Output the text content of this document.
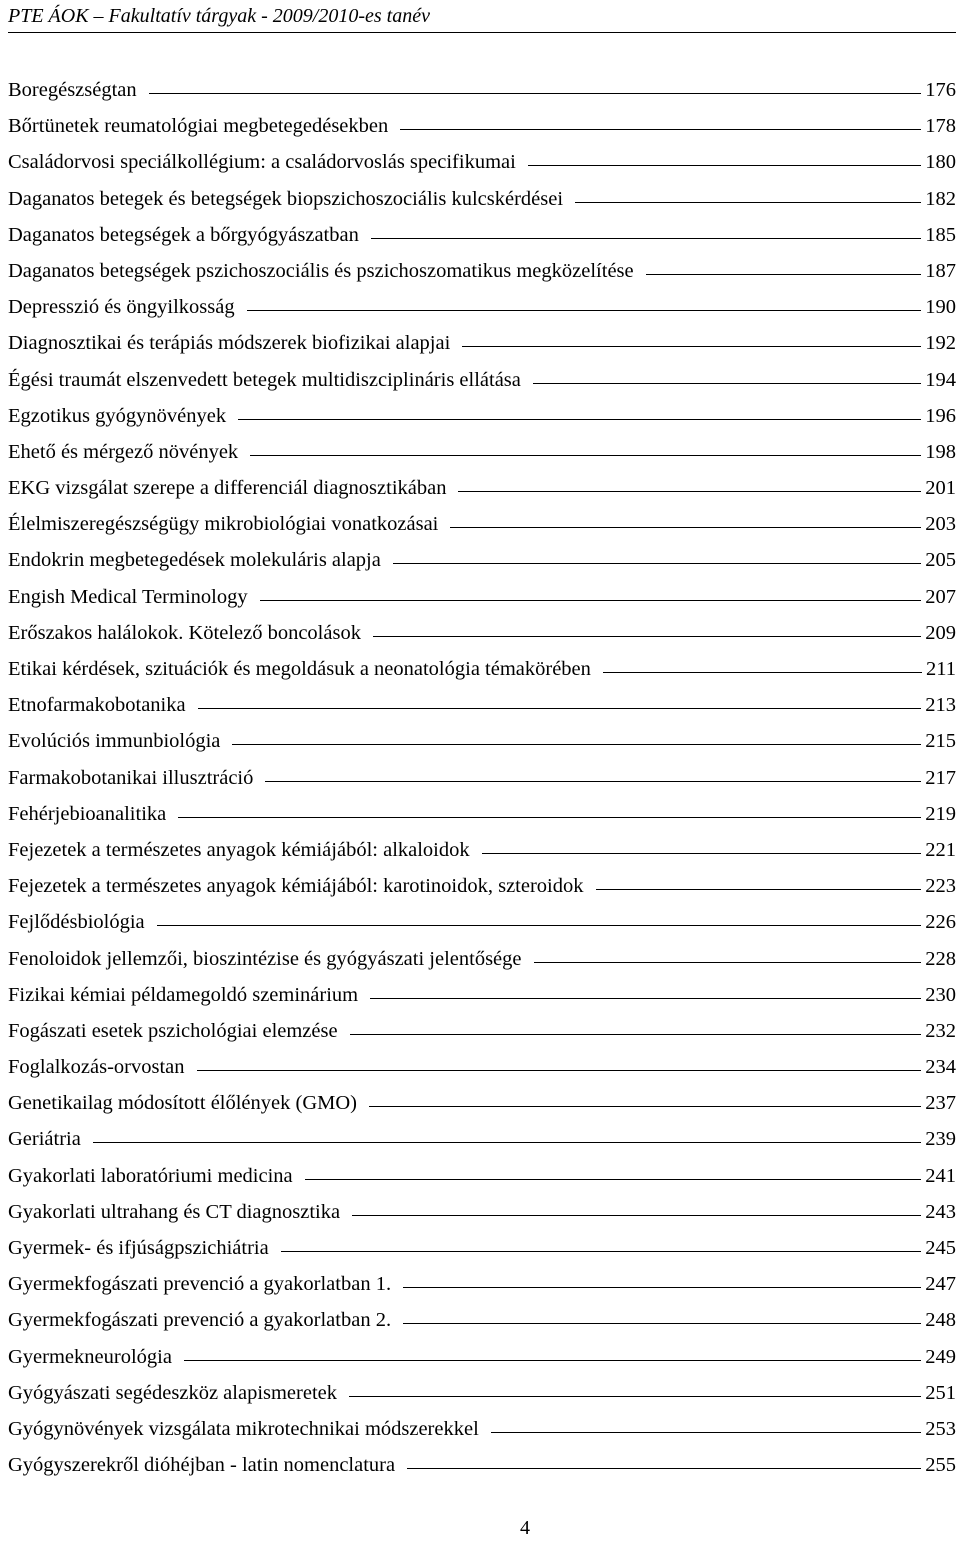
PTE ÁOK – Fakultatív tárgyak - 2009/2010-es tanév
Boregészségtan	176
Bőrtünetek reumatológiai megbetegedésekben	178
Családorvosi speciálkollégium: a családorvoslás specifikumai	180
Daganatos betegek és betegségek biopszichoszociális kulcskérdései	182
Daganatos betegségek a bőrgyógyászatban	185
Daganatos betegségek pszichoszociális és pszichoszomatikus megközelítése	187
Depresszió és öngyilkosság	190
Diagnosztikai és terápiás módszerek biofizikai alapjai	192
Égési traumát elszenvedett betegek multidiszciplináris ellátása	194
Egzotikus gyógynövények	196
Ehető és mérgező növények	198
EKG vizsgálat szerepe a differenciál diagnosztikában	201
Élelmiszeregészségügy mikrobiológiai vonatkozásai	203
Endokrin megbetegedések molekuláris alapja	205
Engish Medical Terminology	207
Erőszakos halálokok. Kötelező boncolások	209
Etikai kérdések, szituációk és megoldásuk a neonatológia témakörében	211
Etnofarmakobotanika	213
Evolúciós immunbiológia	215
Farmakobotanikai illusztráció	217
Fehérjebioanalitika	219
Fejezetek a természetes anyagok kémiájából: alkaloidok	221
Fejezetek a természetes anyagok kémiájából: karotinoidok, szteroidok	223
Fejlődésbiológia	226
Fenoloidok jellemzői, bioszintézise és gyógyászati jelentősége	228
Fizikai kémiai példamegoldó szeminárium	230
Fogászati esetek pszichológiai elemzése	232
Foglalkozás-orvostan	234
Genetikailag módosított élőlények (GMO)	237
Geriátria	239
Gyakorlati laboratóriumi medicina	241
Gyakorlati ultrahang és CT diagnosztika	243
Gyermek- és ifjúságpszichiátria	245
Gyermekfogászati prevenció a gyakorlatban 1.	247
Gyermekfogászati prevenció a gyakorlatban 2.	248
Gyermekneurológia	249
Gyógyászati segédeszköz alapismeretek	251
Gyógynövények vizsgálata mikrotechnikai módszerekkel	253
Gyógyszerekről dióhéjban - latin nomenclatura	255
4
